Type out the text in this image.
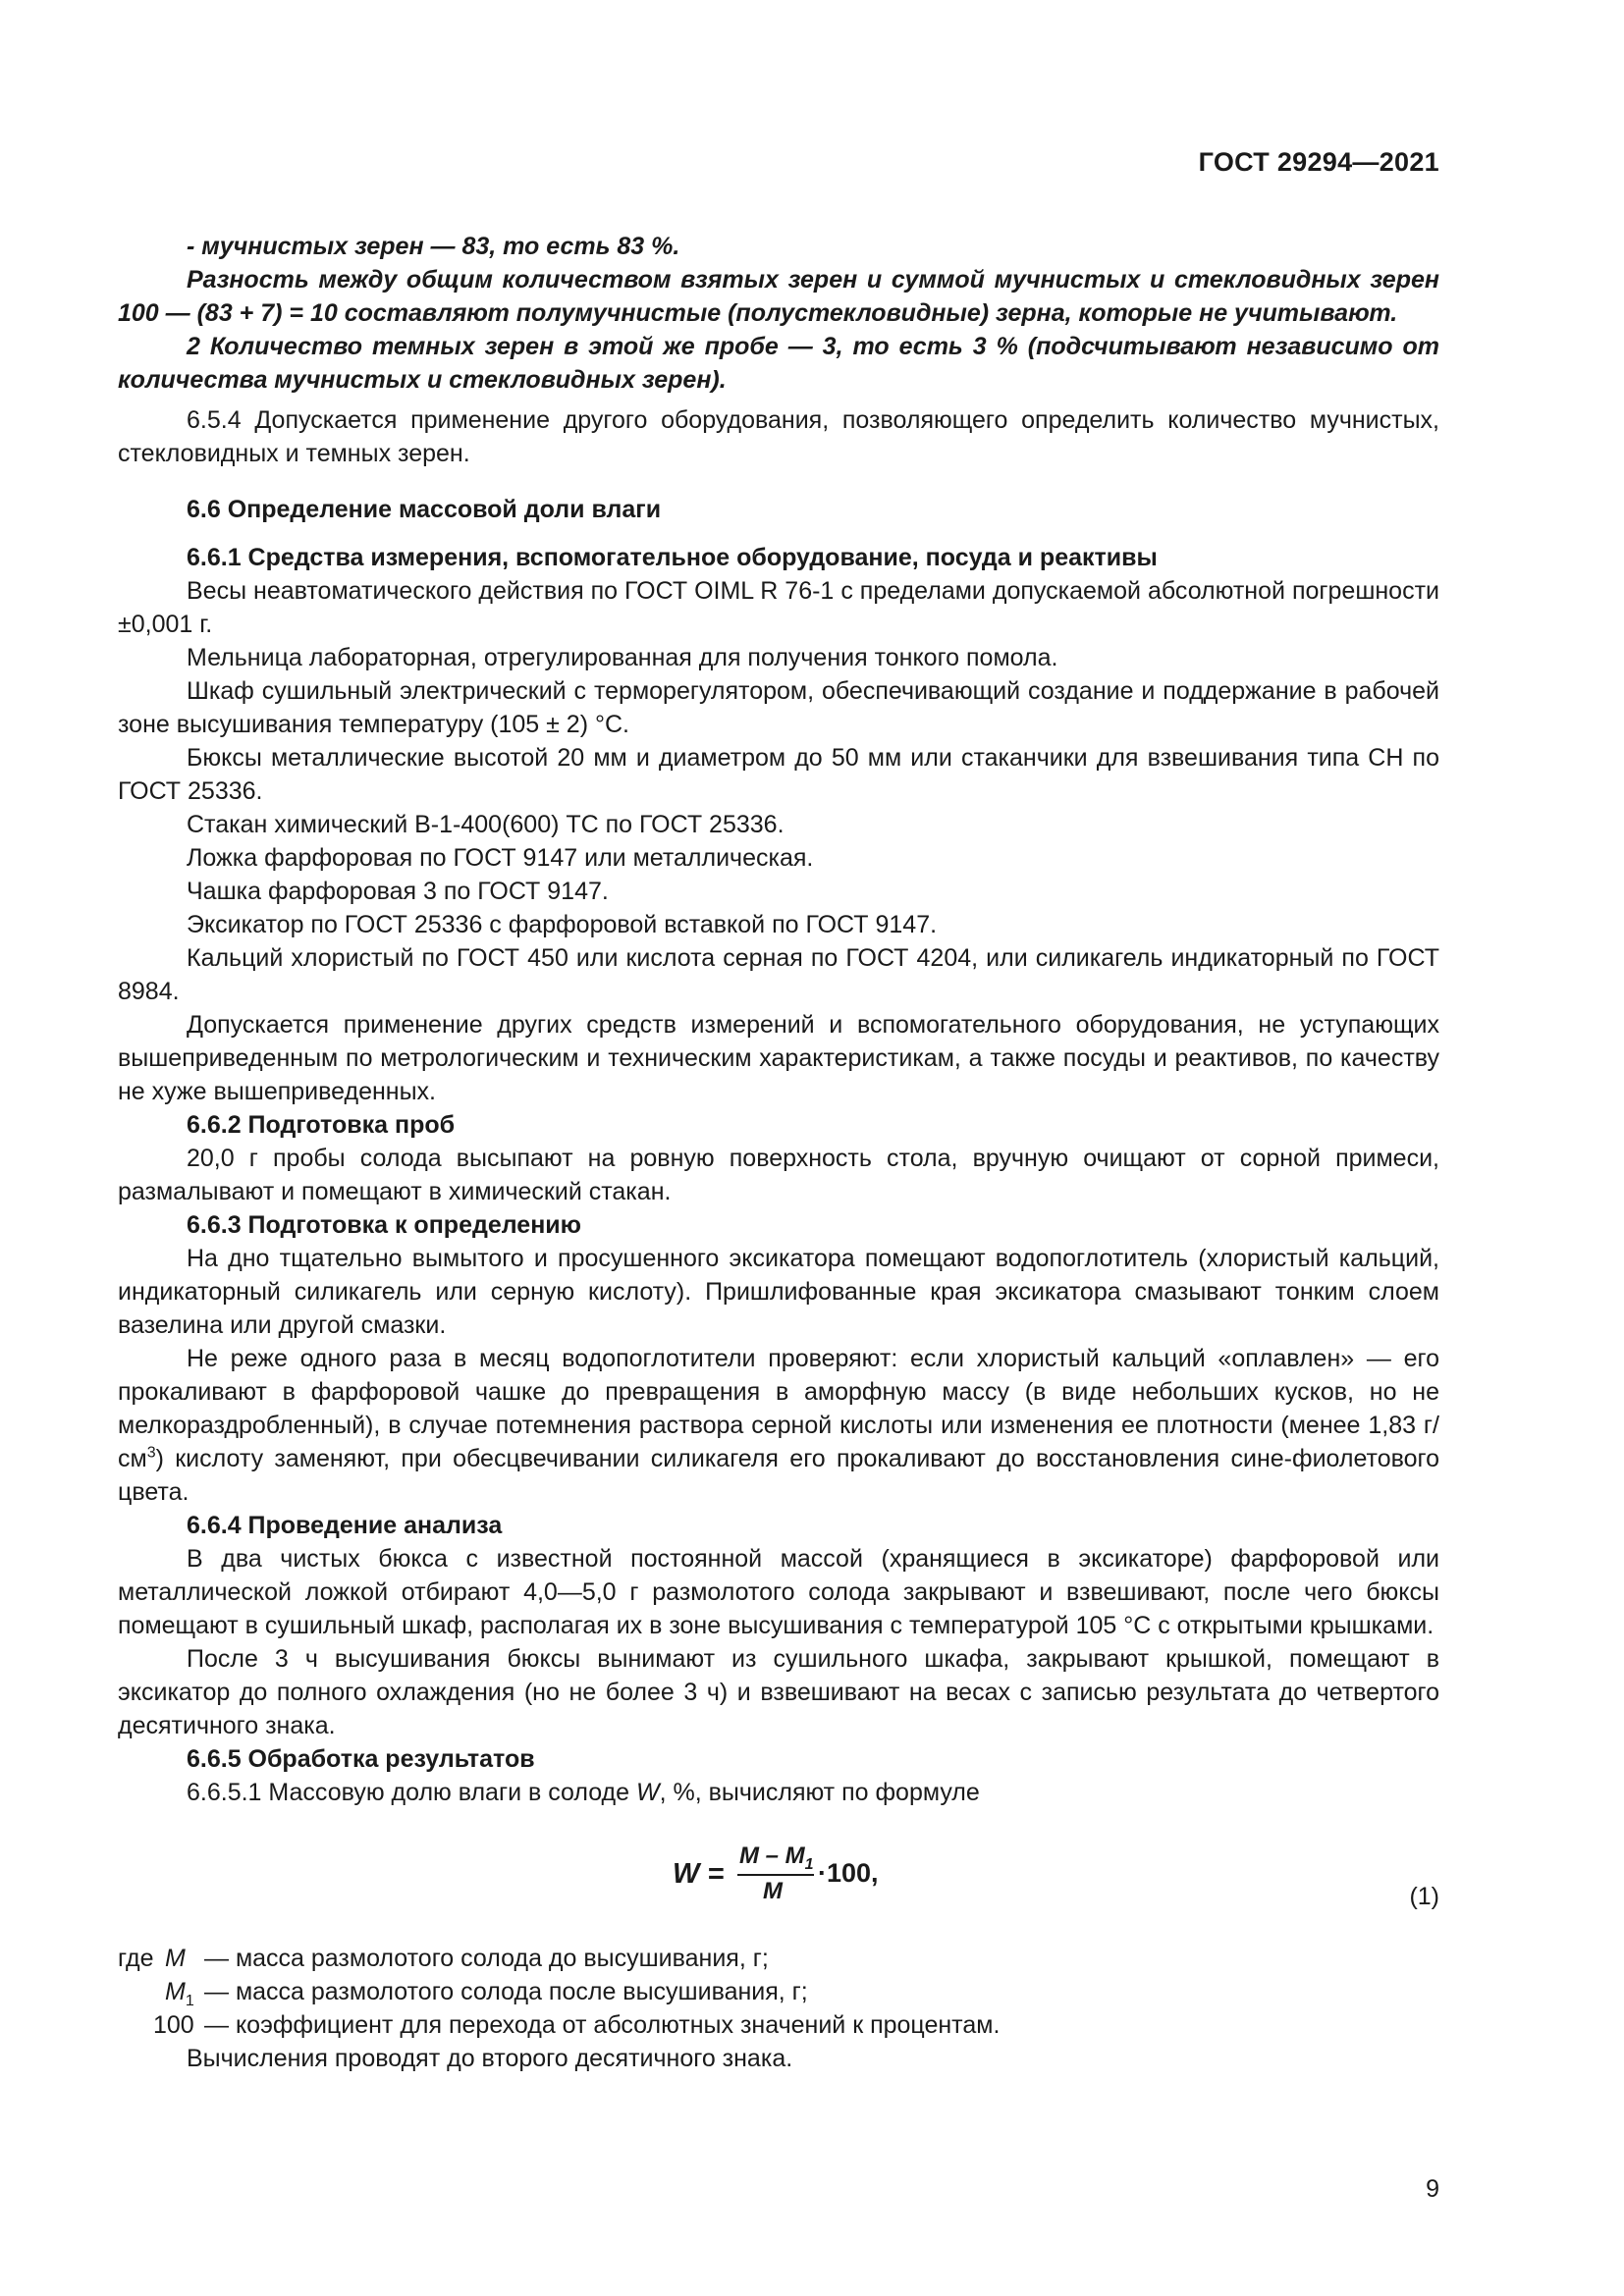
ГОСТ 29294—2021

- мучнистых зерен — 83, то есть 83 %.

Разность между общим количеством взятых зерен и суммой мучнистых и стекловидных зерен 100 — (83 + 7) = 10 составляют полумучнистые (полустекловидные) зерна, которые не учитывают.

2 Количество темных зерен в этой же пробе — 3, то есть 3 % (подсчитывают независимо от количества мучнистых и стекловидных зерен).

6.5.4 Допускается применение другого оборудования, позволяющего определить количество мучнистых, стекловидных и темных зерен.

6.6 Определение массовой доли влаги

6.6.1 Средства измерения, вспомогательное оборудование, посуда и реактивы

Весы неавтоматического действия по ГОСТ OIML R 76-1 с пределами допускаемой абсолютной погрешности ±0,001 г.

Мельница лабораторная, отрегулированная для получения тонкого помола.

Шкаф сушильный электрический с терморегулятором, обеспечивающий создание и поддержание в рабочей зоне высушивания температуру (105 ± 2) °С.

Бюксы металлические высотой 20 мм и диаметром до 50 мм или стаканчики для взвешивания типа СН по ГОСТ 25336.

Стакан химический В-1-400(600) ТС по ГОСТ 25336.

Ложка фарфоровая по ГОСТ 9147 или металлическая.

Чашка фарфоровая 3 по ГОСТ 9147.

Эксикатор по ГОСТ 25336 с фарфоровой вставкой по ГОСТ 9147.

Кальций хлористый по ГОСТ 450 или кислота серная по ГОСТ 4204, или силикагель индикаторный по ГОСТ 8984.

Допускается применение других средств измерений и вспомогательного оборудования, не уступающих вышеприведенным по метрологическим и техническим характеристикам, а также посуды и реактивов, по качеству не хуже вышеприведенных.

6.6.2 Подготовка проб

20,0 г пробы солода высыпают на ровную поверхность стола, вручную очищают от сорной примеси, размалывают и помещают в химический стакан.

6.6.3 Подготовка к определению

На дно тщательно вымытого и просушенного эксикатора помещают водопоглотитель (хлористый кальций, индикаторный силикагель или серную кислоту). Пришлифованные края эксикатора смазывают тонким слоем вазелина или другой смазки.

Не реже одного раза в месяц водопоглотители проверяют: если хлористый кальций «оплавлен» — его прокаливают в фарфоровой чашке до превращения в аморфную массу (в виде небольших кусков, но не мелкораздробленный), в случае потемнения раствора серной кислоты или изменения ее плотности (менее 1,83 $г/см^3$) кислоту заменяют, при обесцвечивании силикагеля его прокаливают до восстановления сине-фиолетового цвета.

6.6.4 Проведение анализа

В два чистых бюкса с известной постоянной массой (хранящиеся в эксикаторе) фарфоровой или металлической ложкой отбирают 4,0—5,0 г размолотого солода закрывают и взвешивают, после чего бюксы помещают в сушильный шкаф, располагая их в зоне высушивания с температурой 105 °С с открытыми крышками.

После 3 ч высушивания бюксы вынимают из сушильного шкафа, закрывают крышкой, помещают в эксикатор до полного охлаждения (но не более 3 ч) и взвешивают на весах с записью результата до четвертого десятичного знака.

6.6.5 Обработка результатов

6.6.5.1 Массовую долю влаги в солоде W, %, вычисляют по формуле

W =
M – $M_1$
M
·100,
(1)
где M — масса размолотого солода до высушивания, г;
$M_1$ — масса размолотого солода после высушивания, г;
100 — коэффициент для перехода от абсолютных значений к процентам.
Вычисления проводят до второго десятичного знака.
9
